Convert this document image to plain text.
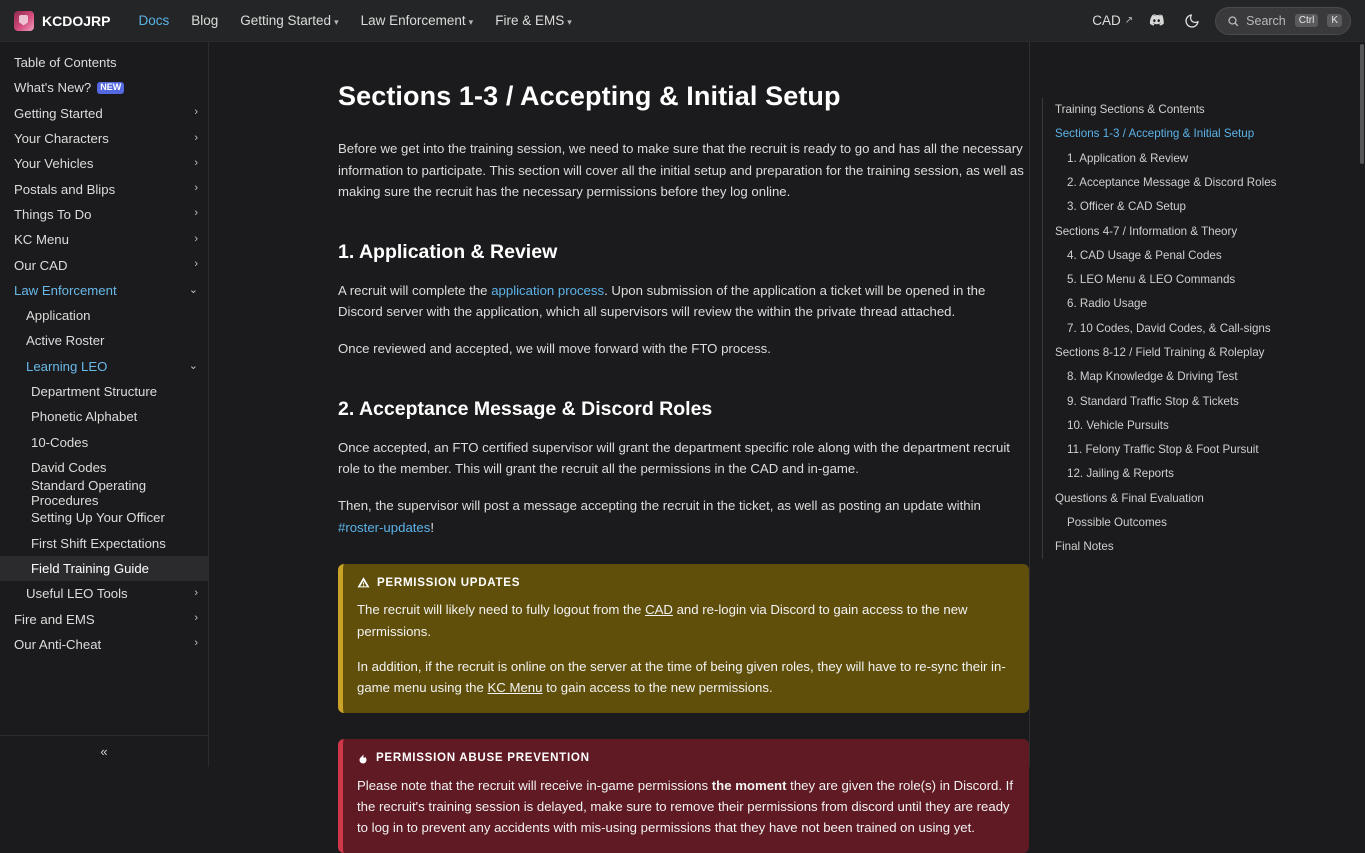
KCDOJRP	Docs	Blog	Getting Started ▾	Law Enforcement ▾	Fire & EMS ▾	CAD ↗	Search	Ctrl	K
Table of Contents
What's New?	NEW
Getting Started	›
Your Characters	›
Your Vehicles	›
Postals and Blips	›
Things To Do	›
KC Menu	›
Our CAD	›
Law Enforcement	⌄
Application
Active Roster
Learning LEO	⌄
Department Structure
Phonetic Alphabet
10-Codes
David Codes
Standard Operating Procedures
Setting Up Your Officer
First Shift Expectations
Field Training Guide
Useful LEO Tools	›
Fire and EMS	›
Our Anti-Cheat	›
«
Sections 1-3 / Accepting & Initial Setup

Before we get into the training session, we need to make sure that the recruit is ready to go and has all the necessary information to participate. This section will cover all the initial setup and preparation for the training session, as well as making sure the recruit has the necessary permissions before they log online.

1. Application & Review

A recruit will complete the application process. Upon submission of the application a ticket will be opened in the Discord server with the application, which all supervisors will review the within the private thread attached.

Once reviewed and accepted, we will move forward with the FTO process.

2. Acceptance Message & Discord Roles

Once accepted, an FTO certified supervisor will grant the department specific role along with the department recruit role to the member. This will grant the recruit all the permissions in the CAD and in-game.

Then, the supervisor will post a message accepting the recruit in the ticket, as well as posting an update within #roster-updates!

PERMISSION UPDATES

The recruit will likely need to fully logout from the CAD and re-login via Discord to gain access to the new permissions.

In addition, if the recruit is online on the server at the time of being given roles, they will have to re-sync their in-game menu using the KC Menu to gain access to the new permissions.

PERMISSION ABUSE PREVENTION

Please note that the recruit will receive in-game permissions the moment they are given the role(s) in Discord. If the recruit's training session is delayed, make sure to remove their permissions from discord until they are ready to log in to prevent any accidents with mis-using permissions that they have not been trained on using yet.

Training Sections & Contents
Sections 1-3 / Accepting & Initial Setup
1. Application & Review
2. Acceptance Message & Discord Roles
3. Officer & CAD Setup
Sections 4-7 / Information & Theory
4. CAD Usage & Penal Codes
5. LEO Menu & LEO Commands
6. Radio Usage
7. 10 Codes, David Codes, & Call-signs
Sections 8-12 / Field Training & Roleplay
8. Map Knowledge & Driving Test
9. Standard Traffic Stop & Tickets
10. Vehicle Pursuits
11. Felony Traffic Stop & Foot Pursuit
12. Jailing & Reports
Questions & Final Evaluation
Possible Outcomes
Final Notes
